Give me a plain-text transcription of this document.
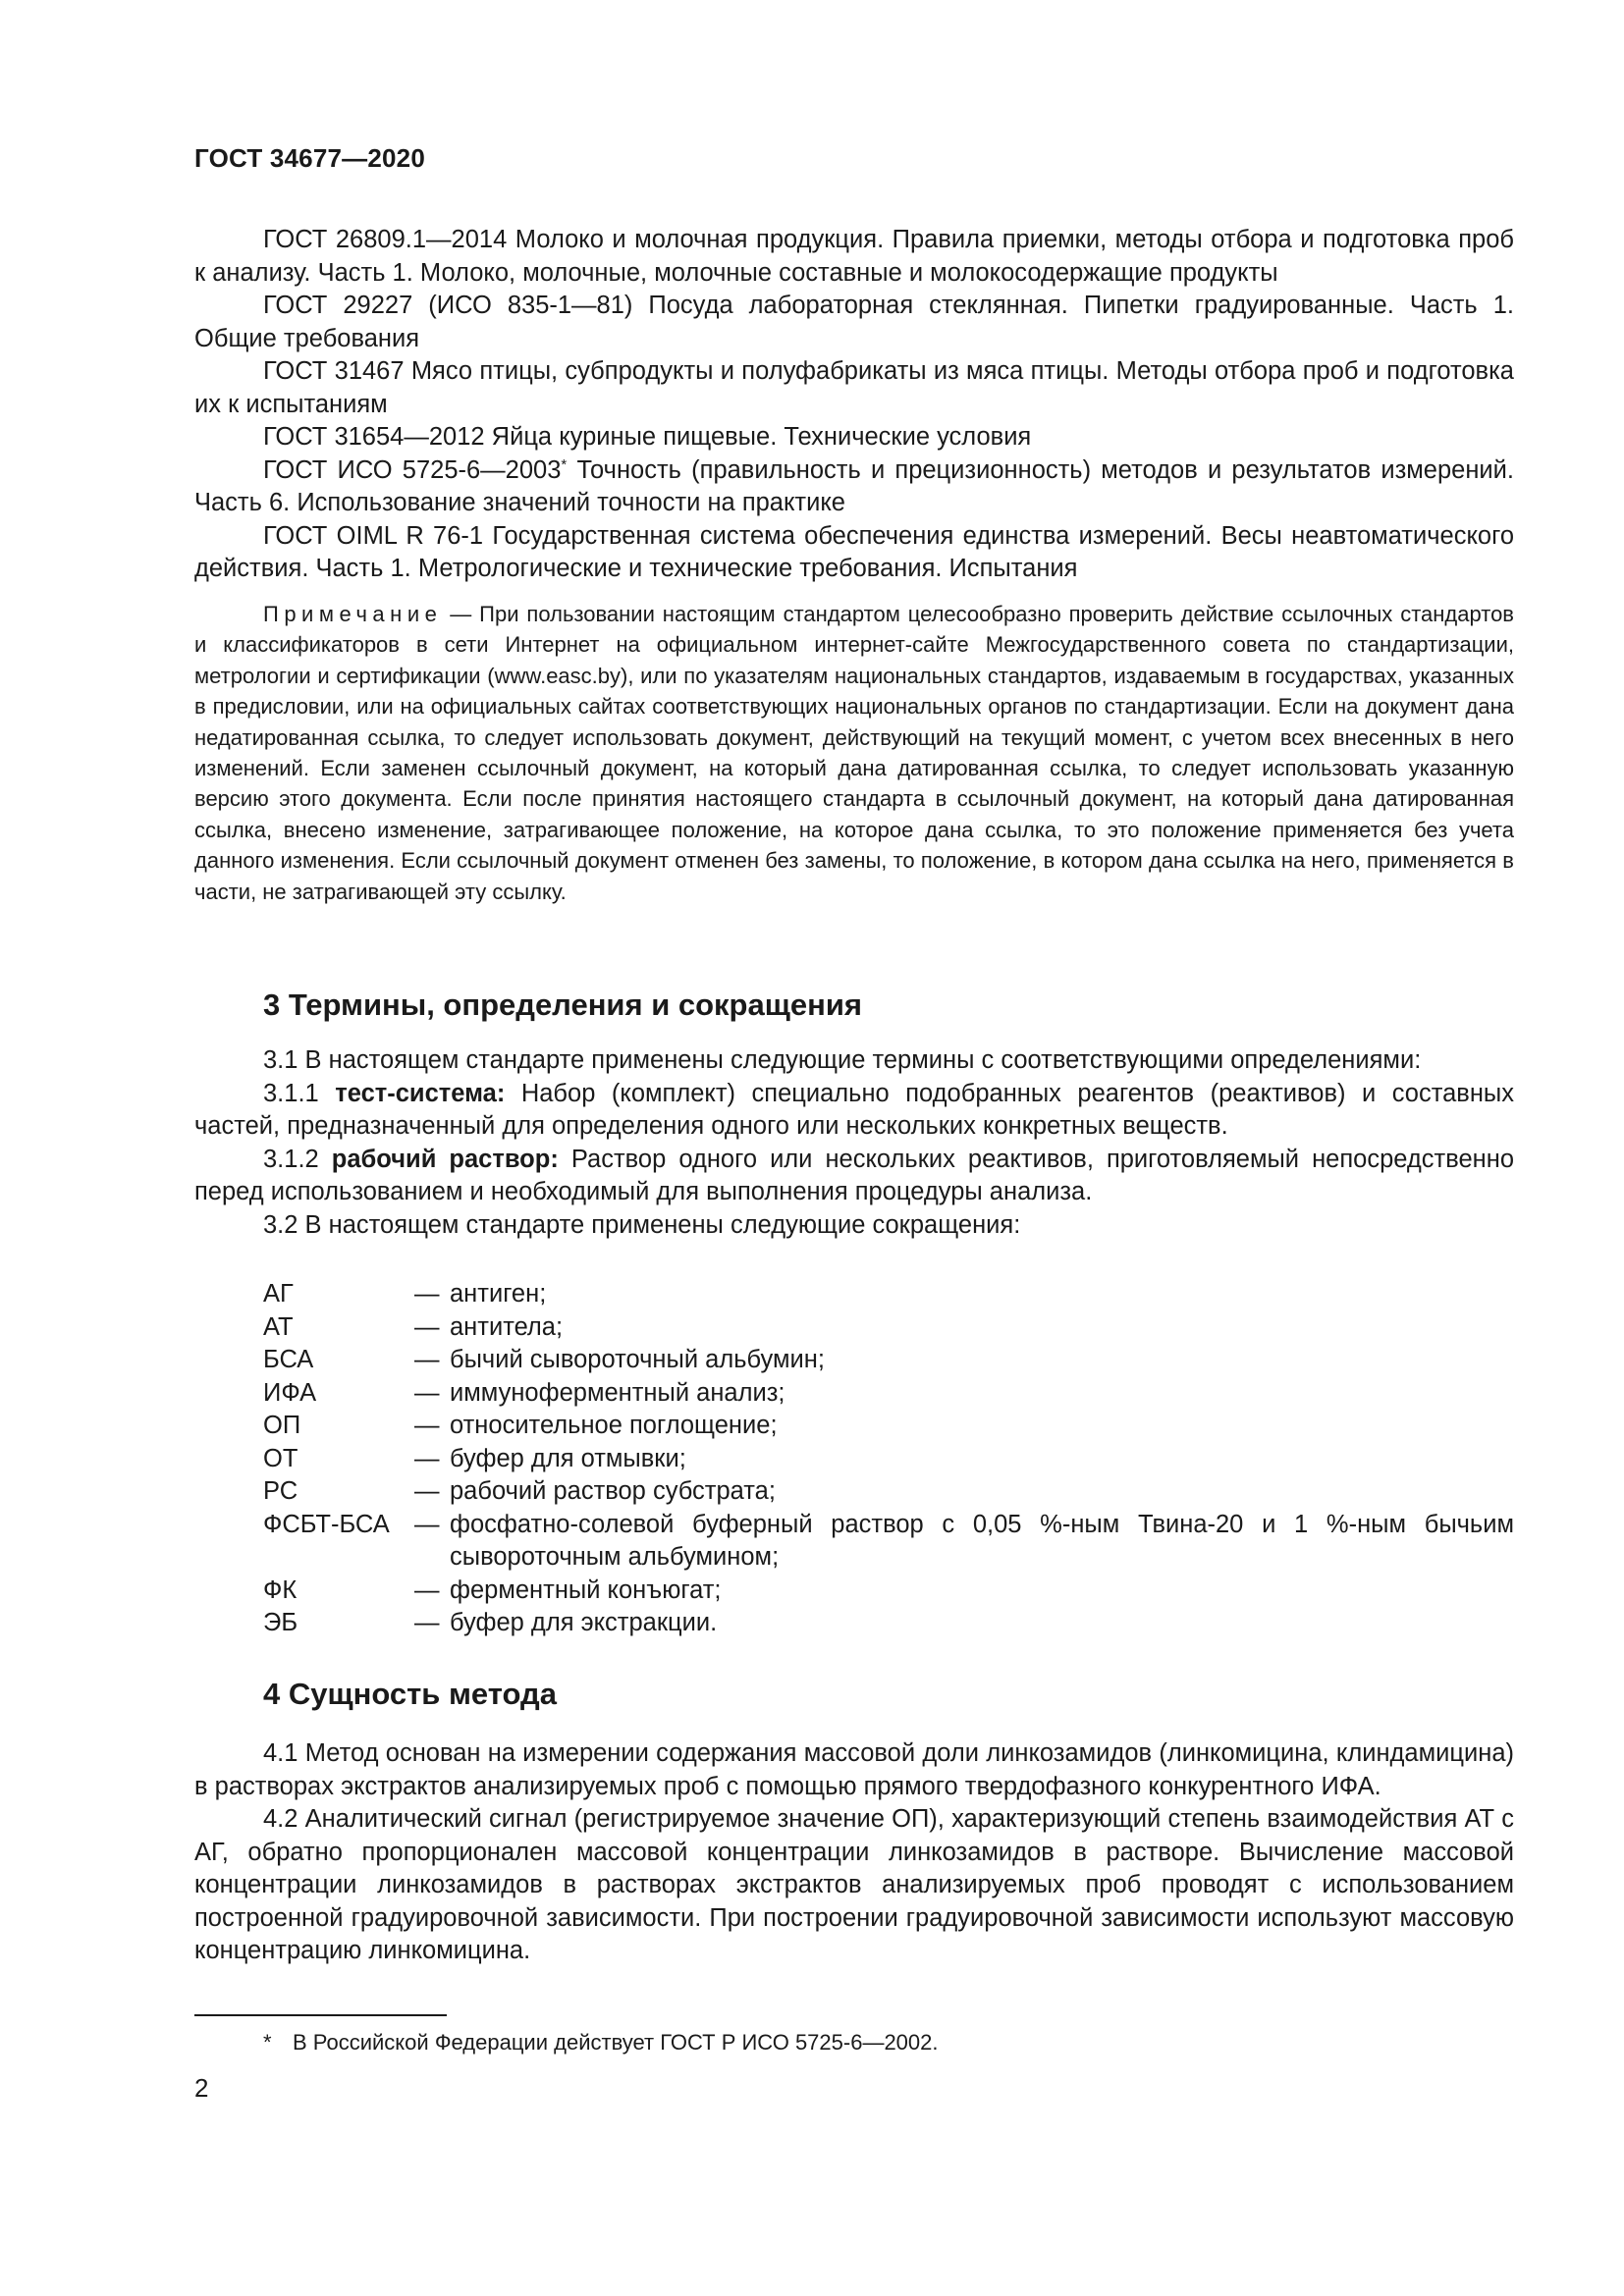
ГОСТ 34677—2020

ГОСТ 26809.1—2014 Молоко и молочная продукция. Правила приемки, методы отбора и подготовка проб к анализу. Часть 1. Молоко, молочные, молочные составные и молокосодержащие продукты

ГОСТ 29227 (ИСО 835-1—81) Посуда лабораторная стеклянная. Пипетки градуированные. Часть 1. Общие требования

ГОСТ 31467 Мясо птицы, субпродукты и полуфабрикаты из мяса птицы. Методы отбора проб и подготовка их к испытаниям

ГОСТ 31654—2012 Яйца куриные пищевые. Технические условия

ГОСТ ИСО 5725-6—2003* Точность (правильность и прецизионность) методов и результатов измерений. Часть 6. Использование значений точности на практике

ГОСТ OIML R 76-1 Государственная система обеспечения единства измерений. Весы неавтоматического действия. Часть 1. Метрологические и технические требования. Испытания

Примечание — При пользовании настоящим стандартом целесообразно проверить действие ссылочных стандартов и классификаторов в сети Интернет на официальном интернет-сайте Межгосударственного совета по стандартизации, метрологии и сертификации (www.easc.by), или по указателям национальных стандартов, издаваемым в государствах, указанных в предисловии, или на официальных сайтах соответствующих национальных органов по стандартизации. Если на документ дана недатированная ссылка, то следует использовать документ, действующий на текущий момент, с учетом всех внесенных в него изменений. Если заменен ссылочный документ, на который дана датированная ссылка, то следует использовать указанную версию этого документа. Если после принятия настоящего стандарта в ссылочный документ, на который дана датированная ссылка, внесено изменение, затрагивающее положение, на которое дана ссылка, то это положение применяется без учета данного изменения. Если ссылочный документ отменен без замены, то положение, в котором дана ссылка на него, применяется в части, не затрагивающей эту ссылку.
3 Термины, определения и сокращения

3.1 В настоящем стандарте применены следующие термины с соответствующими определениями:

3.1.1 тест-система: Набор (комплект) специально подобранных реагентов (реактивов) и составных частей, предназначенный для определения одного или нескольких конкретных веществ.

3.1.2 рабочий раствор: Раствор одного или нескольких реактивов, приготовляемый непосредственно перед использованием и необходимый для выполнения процедуры анализа.

3.2 В настоящем стандарте применены следующие сокращения:

АГ	— антиген;
АТ	— антитела;
БСА	— бычий сывороточный альбумин;
ИФА	— иммуноферментный анализ;
ОП	— относительное поглощение;
ОТ	— буфер для отмывки;
РС	— рабочий раствор субстрата;
ФСБТ-БСА — фосфатно-солевой буферный раствор с 0,05 %-ным Твина-20 и 1 %-ным бычьим сывороточным альбумином;
ФК	— ферментный конъюгат;
ЭБ	— буфер для экстракции.
4 Сущность метода

4.1 Метод основан на измерении содержания массовой доли линкозамидов (линкомицина, клиндамицина) в растворах экстрактов анализируемых проб с помощью прямого твердофазного конкурентного ИФА.

4.2 Аналитический сигнал (регистрируемое значение ОП), характеризующий степень взаимодействия АТ с АГ, обратно пропорционален массовой концентрации линкозамидов в растворе. Вычисление массовой концентрации линкозамидов в растворах экстрактов анализируемых проб проводят с использованием построенной градуировочной зависимости. При построении градуировочной зависимости используют массовую концентрацию линкомицина.

* В Российской Федерации действует ГОСТ Р ИСО 5725-6—2002.
2
